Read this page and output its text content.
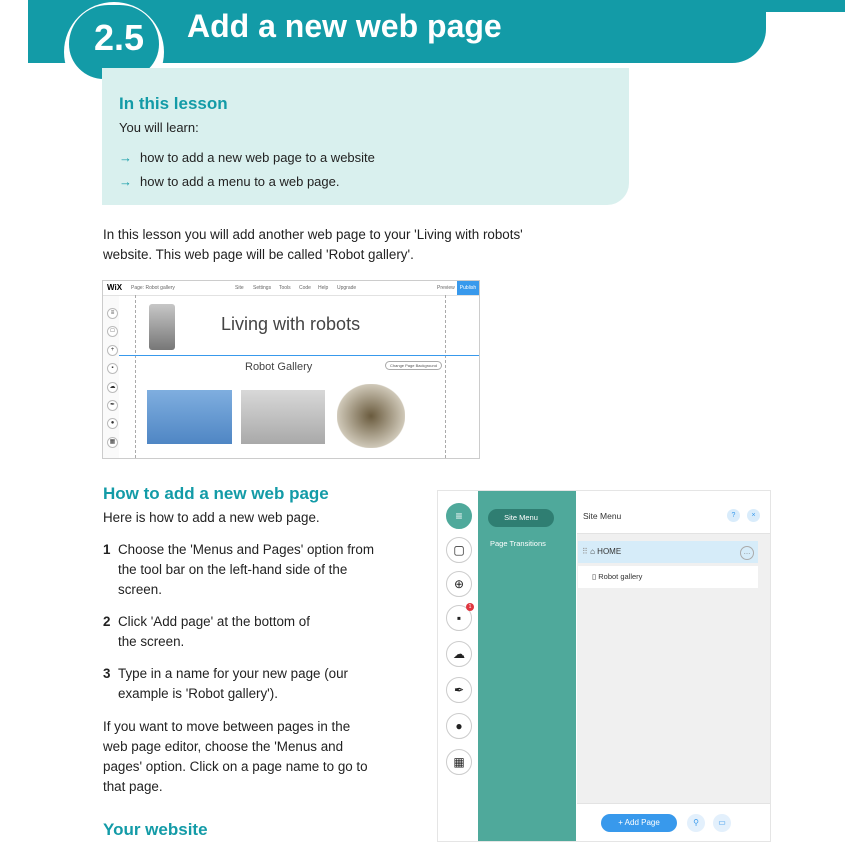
2.5	Add a new web page
In this lesson
You will learn:
→ how to add a new web page to a website
→ how to add a menu to a web page.
In this lesson you will add another web page to your 'Living with robots' website. This web page will be called 'Robot gallery'.
WiX Page: Robot gallery	Site Settings Tools Code Help Upgrade	Preview	Publish
≡
□
+
▪
☁
✒
●
▦
Living with robots
Robot Gallery	Change Page Background
How to add a new web page
Here is how to add a new web page.
1 Choose the 'Menus and Pages' option from
the tool bar on the left-hand side of the
screen.
2 Click 'Add page' at the bottom of
the screen.
3 Type in a name for your new page (our
example is 'Robot gallery').
If you want to move between pages in the
web page editor, choose the 'Menus and
pages' option. Click on a page name to go to
that page.
Your website
≡
▢
⊕
▪
1
☁
✒
●
▦
Site Menu
Page Transitions
Site Menu	?	×
⠿ ⌂ HOME	…
▯ Robot gallery
+ Add Page	⚲	▭
